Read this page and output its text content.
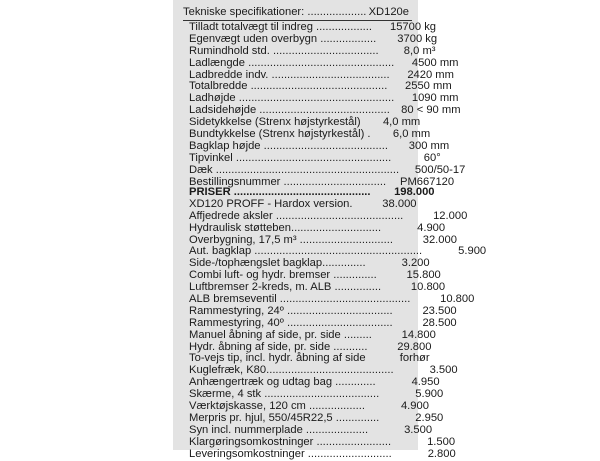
Tekniske specifikationer: ................... XD120e
Tilladt totalvægt til indreg ..................	15700 kg
Egenvægt uden overbygn ..................	3700 kg
Rumindhold std. ..................................	8,0 m³
Ladlængde ...............................................	4500 mm
Ladbredde indv. ......................................	2420 mm
Totalbredde ............................................	2550 mm
Ladhøjde ..................................................	1090 mm
Ladsidehøjde ..........................................	80 < 90 mm
Sidetykkelse (Strenx højstyrkestål)	4,0 mm
Bundtykkelse (Strenx højstyrkestål) .	6,0 mm
Bagklap højde ........................................	300 mm
Tipvinkel ..................................................	60°
Dæk ...........................................................	500/50-17
Bestillingsnummer .................................	PM667120
PRISER ............................................	198.000
XD120 PROFF - Hardox version.	38.000
Affjedrede aksler .........................................	12.000
Hydraulisk støtteben.............................	4.900
Overbygning, 17,5 m³ ..............................	32.000
Aut. bagklap ......................................................	5.900
Side-/tophængslet bagklap..............	3.200
Combi luft- og hydr. bremser ..............	15.800
Luftbremser 2-kreds, m. ALB ...............	10.800
ALB bremseventil ..........................................	10.800
Rammestyring, 24º ..................................	23.500
Rammestyring, 40º ..................................	28.500
Manuel åbning af side, pr. side .........	14.800
Hydr. åbning af side, pr. side ...........	29.800
To-vejs tip, incl. hydr. åbning af side	forhør
Kuglefræk, K80.........................................	3.500
Anhængertræk og udtag bag .............	4.950
Skærme, 4 stk .....................................	5.900
Værktøjskasse, 120 cm ..................	4.900
Merpris pr. hjul, 550/45R22,5 ..............	2.950
Syn incl. nummerplade ....................	3.500
Klargøringsomkostninger ........................	1.500
Leveringsomkostninger ...........................	2.800
